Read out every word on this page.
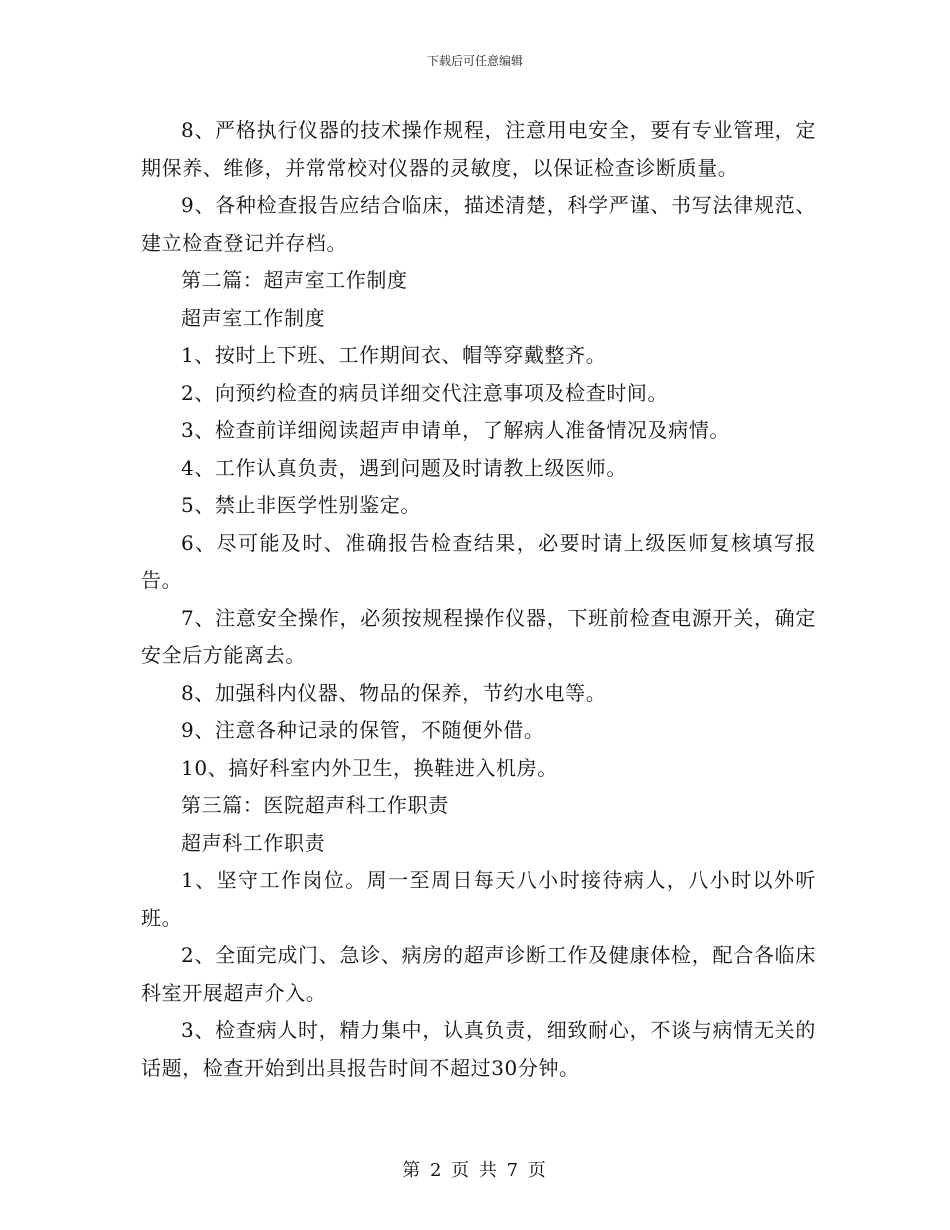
下载后可任意编辑

8、严格执行仪器的技术操作规程，注意用电安全，要有专业管理，定期保养、维修，并常常校对仪器的灵敏度，以保证检查诊断质量。

9、各种检查报告应结合临床，描述清楚，科学严谨、书写法律规范、建立检查登记并存档。

第二篇：超声室工作制度

超声室工作制度

1、按时上下班、工作期间衣、帽等穿戴整齐。

2、向预约检查的病员详细交代注意事项及检查时间。

3、检查前详细阅读超声申请单，了解病人准备情况及病情。

4、工作认真负责，遇到问题及时请教上级医师。

5、禁止非医学性别鉴定。

6、尽可能及时、准确报告检查结果，必要时请上级医师复核填写报告。

7、注意安全操作，必须按规程操作仪器，下班前检查电源开关，确定安全后方能离去。

8、加强科内仪器、物品的保养，节约水电等。

9、注意各种记录的保管，不随便外借。

10、搞好科室内外卫生，换鞋进入机房。

第三篇：医院超声科工作职责

超声科工作职责

1、坚守工作岗位。周一至周日每天八小时接待病人，八小时以外听班。

2、全面完成门、急诊、病房的超声诊断工作及健康体检，配合各临床科室开展超声介入。

3、检查病人时，精力集中，认真负责，细致耐心，不谈与病情无关的话题，检查开始到出具报告时间不超过30分钟。

第 2 页 共 7 页
